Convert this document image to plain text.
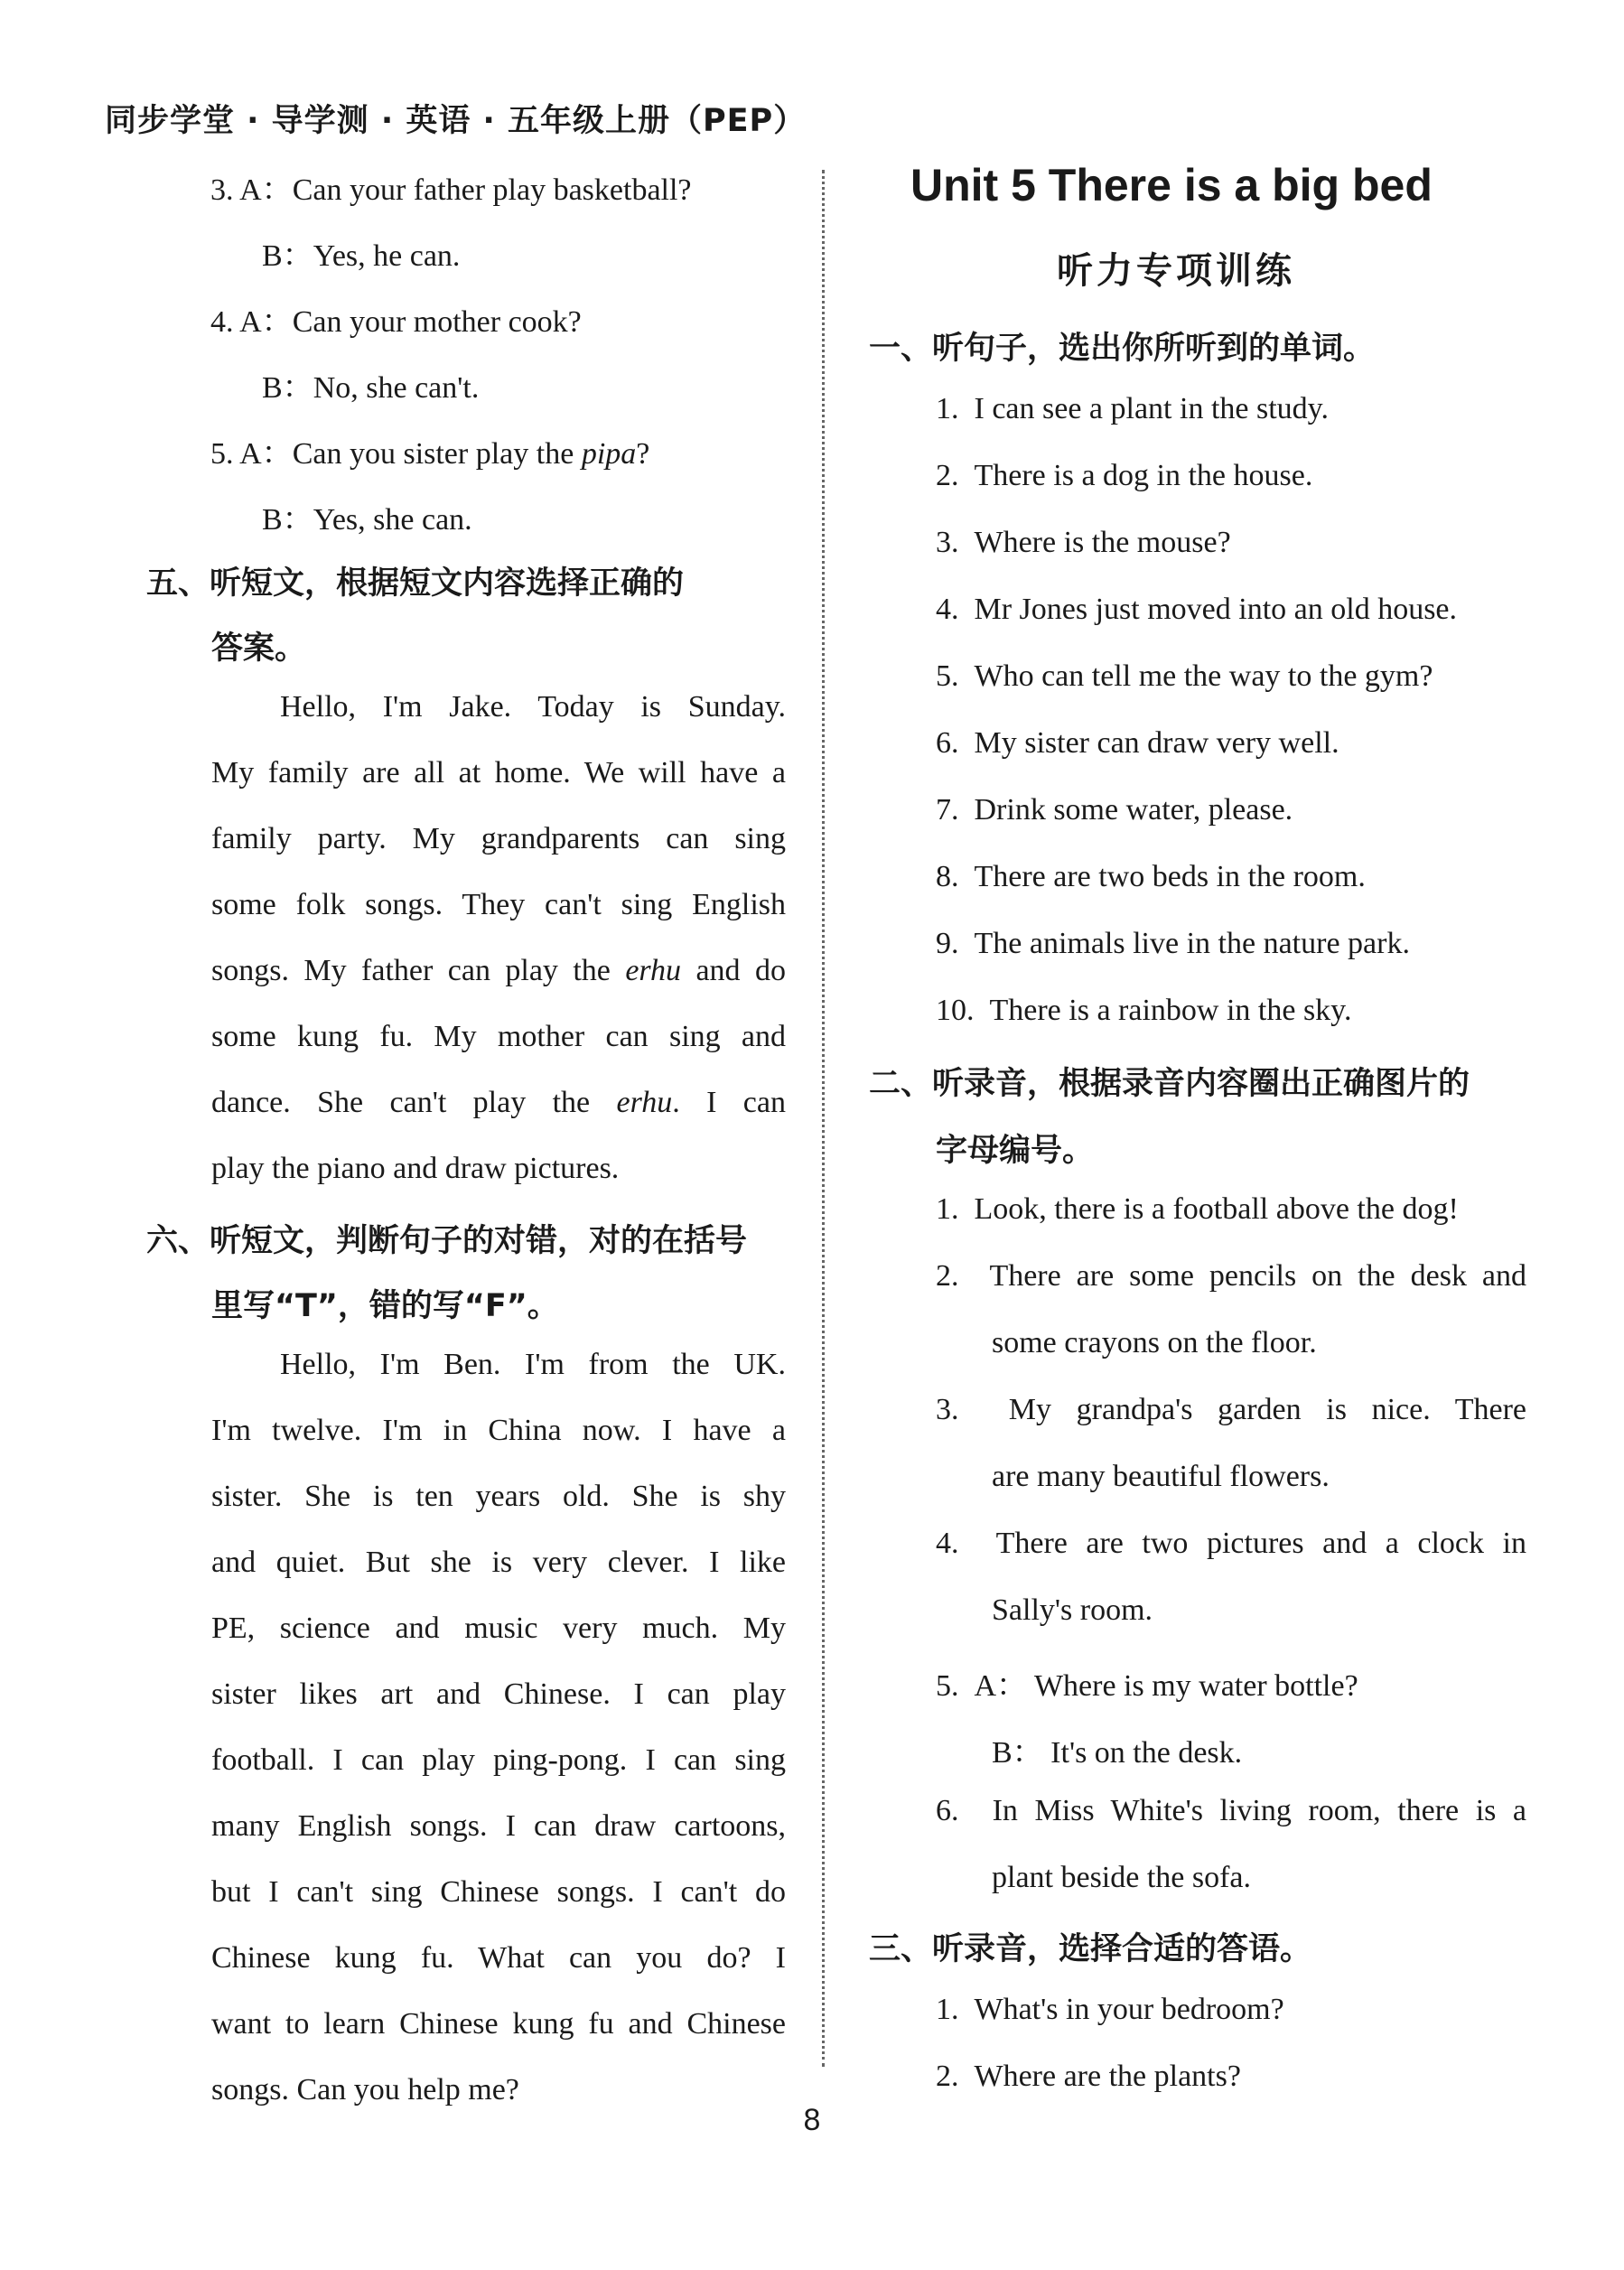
同步学堂 · 导学测 · 英语 · 五年级上册（PEP）
3. A：Can your father play basketball?
B：Yes, he can.
4. A：Can your mother cook?
B：No, she can't.
5. A：Can you sister play the pipa?
B：Yes, she can.
五、听短文，根据短文内容选择正确的
答案。
Hello, I'm Jake. Today is Sunday.
My family are all at home. We will have a
family party. My grandparents can sing
some folk songs. They can't sing English
songs. My father can play the erhu and do
some kung fu. My mother can sing and
dance. She can't play the erhu. I can
play the piano and draw pictures.
六、听短文，判断句子的对错，对的在括号
里写“T”，错的写“F”。
Hello, I'm Ben. I'm from the UK.
I'm twelve. I'm in China now. I have a
sister. She is ten years old. She is shy
and quiet. But she is very clever. I like
PE, science and music very much. My
sister likes art and Chinese. I can play
football. I can play ping-pong. I can sing
many English songs. I can draw cartoons,
but I can't sing Chinese songs. I can't do
Chinese kung fu. What can you do? I
want to learn Chinese kung fu and Chinese
songs. Can you help me?
Unit 5 There is a big bed
听力专项训练
一、听句子，选出你所听到的单词。
1. I can see a plant in the study.
2. There is a dog in the house.
3. Where is the mouse?
4. Mr Jones just moved into an old house.
5. Who can tell me the way to the gym?
6. My sister can draw very well.
7. Drink some water, please.
8. There are two beds in the room.
9. The animals live in the nature park.
10. There is a rainbow in the sky.
二、听录音，根据录音内容圈出正确图片的
字母编号。
1. Look, there is a football above the dog!
2. There are some pencils on the desk and
some crayons on the floor.
3. My grandpa's garden is nice. There
are many beautiful flowers.
4. There are two pictures and a clock in
Sally's room.
5. A： Where is my water bottle?
B： It's on the desk.
6. In Miss White's living room, there is a
plant beside the sofa.
三、听录音，选择合适的答语。
1. What's in your bedroom?
2. Where are the plants?
8
